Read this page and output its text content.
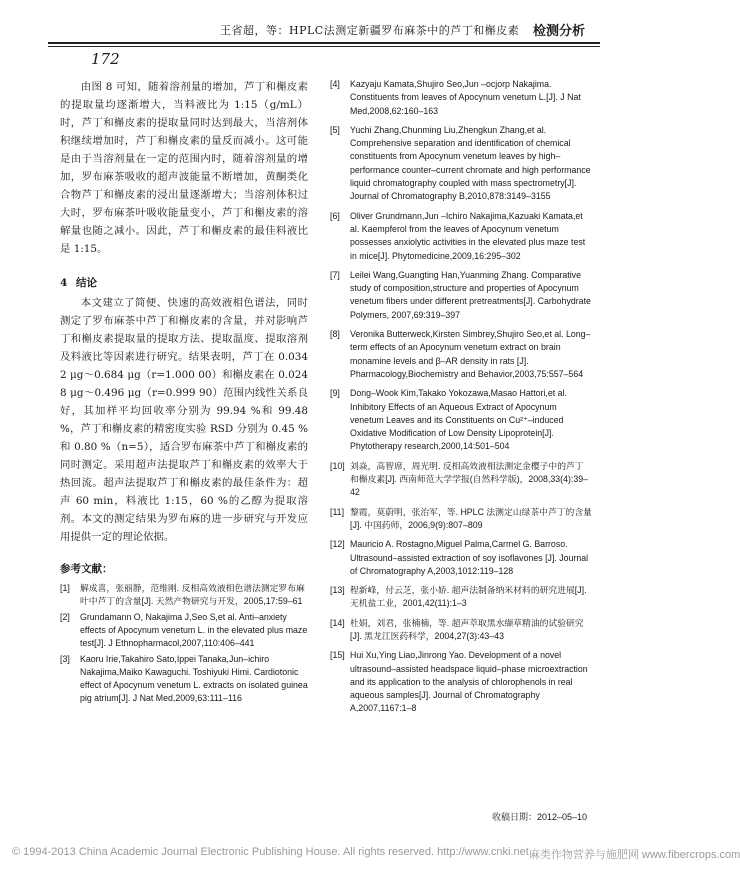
王省超，等：HPLC法测定新疆罗布麻茶中的芦丁和槲皮素 检测分析
172

由图 8 可知，随着溶剂量的增加，芦丁和槲皮素的提取量均逐渐增大，当料液比为 1:15（g/mL）时，芦丁和槲皮素的提取量同时达到最大，当溶剂体积继续增加时，芦丁和槲皮素的量反而减小。这可能是由于当溶剂量在一定的范围内时，随着溶剂量的增加，罗布麻茶吸收的超声波能量不断增加，黄酮类化合物芦丁和槲皮素的浸出量逐渐增大；当溶剂体积过大时，罗布麻茶叶吸收能量变小，芦丁和槲皮素的溶解量也随之减小。因此，芦丁和槲皮素的最佳料液比是 1:15。

4 结论

本文建立了简便、快速的高效液相色谱法，同时测定了罗布麻茶中芦丁和槲皮素的含量，并对影响芦丁和槲皮素提取量的提取方法、提取温度、提取溶剂及料液比等因素进行研究。结果表明，芦丁在 0.034 2 μg～0.684 μg（r=1.000 00）和槲皮素在 0.024 8 μg～0.496 μg（r=0.999 90）范围内线性关系良好，其加样平均回收率分别为 99.94 %和 99.48 %，芦丁和槲皮素的精密度实验 RSD 分别为 0.45 %和 0.80 %（n=5），适合罗布麻茶中芦丁和槲皮素的同时测定。采用超声法提取芦丁和槲皮素的效率大于热回流。超声法提取芦丁和槲皮素的最佳条件为：超声 60 min，料液比 1:15，60 %的乙醇为提取溶剂。本文的测定结果为罗布麻的进一步研究与开发应用提供一定的理论依据。

参考文献：
[1]	解成喜，张丽静，范维刚. 反相高效液相色谱法测定罗布麻叶中芦丁的含量[J]. 天然产物研究与开发，2005,17:59–61
[2]	Grundamann O, Nakajima J,Seo S,et al. Anti–anxiety effects of Apocynum venetum L. in the elevated plus maze test[J]. J Ethnopharmacol,2007,110:406–441
[3]	Kaoru Irie,Takahiro Sato,Ippei Tanaka,Jun–ichiro Nakajima,Maiko Kawaguchi. Toshiyuki Himi. Cardiotonic effect of Apocynum venetum L. extracts on isolated guinea pig atrium[J]. J Nat Med,2009,63:111–116
[4]	Kazyaju Kamata,Shujiro Seo,Jun –ocjorp Nakajima. Constituents from leaves of Apocynum venetum L.[J]. J Nat Med,2008,62:160–163
[5]	Yuchi Zhang,Chunming Liu,Zhengkun Zhang,et al. Comprehensive separation and identification of chemical constituents from Apocynum venetum leaves by high–performance counter–current chromate and high performance liquid chromatography coupled with mass spectrometry[J]. Journal of Chromatography B,2010,878:3149–3155
[6]	Oliver Grundmann,Jun –Ichiro Nakajima,Kazuaki Kamata,et al. Kaempferol from the leaves of Apocynum venetum possesses anxiolytic activities in the elevated plus maze test in mice[J]. Phytomedicine,2009,16:295–302
[7]	Leilei Wang,Guangting Han,Yuanming Zhang. Comparative study of composition,structure and properties of Apocynum venetum fibers under different pretreatments[J]. Carbohydrate Polymers, 2007,69:319–397
[8]	Veronika Butterweck,Kirsten Simbrey,Shujiro Seo,et al. Long–term effects of an Apocynum venetum extract on brain monamine levels and β–AR density in rats [J]. Pharmacology,Biochemistry and Behavior,2003,75:557–564
[9]	Dong–Wook Kim,Takako Yokozawa,Masao Hattori,et al. Inhibitory Effects of an Aqueous Extract of Apocynum venetum Leaves and its Constituents on Cu²⁺–induced Oxidative Modification of Low Density Lipoprotein[J]. Phytotherapy research,2000,14:501–504
[10] 刘焱，高智席，周光明. 反相高效液相法测定金樱子中的芦丁和槲皮素[J]. 西南师范大学学报(自然科学版)，2008,33(4):39–42
[11] 黎霞，莫蔚明，张治军，等. HPLC 法测定山绿茶中芦丁的含量[J]. 中国药师，2006,9(9):807–809
[12] Mauricio A. Rostagno,Miguel Palma,Carmel G. Barroso. Ultrasound–assisted extraction of soy isoflavones [J]. Journal of Chromatography A,2003,1012:119–128
[13] 程新峰，付云芝，张小娇. 超声法制备纳米材料的研究进展[J]. 无机盐工业，2001,42(11):1–3
[14] 杜娟，刘君，张楠楠，等. 超声萃取黑水缬草精油的试验研究[J]. 黑龙江医药科学，2004,27(3):43–43
[15] Hui Xu,Ying Liao,Jinrong Yao. Development of a novel ultrasound–assisted headspace liquid–phase microextraction and its application to the analysis of chlorophenols in real aqueous samples[J]. Journal of Chromatography A,2007,1167:1–8
收稿日期：2012–05–10
© 1994-2013 China Academic Journal Electronic Publishing House. All rights reserved. http://www.cnki.net 麻类作物营养与施肥网 www.fibercrops.com
